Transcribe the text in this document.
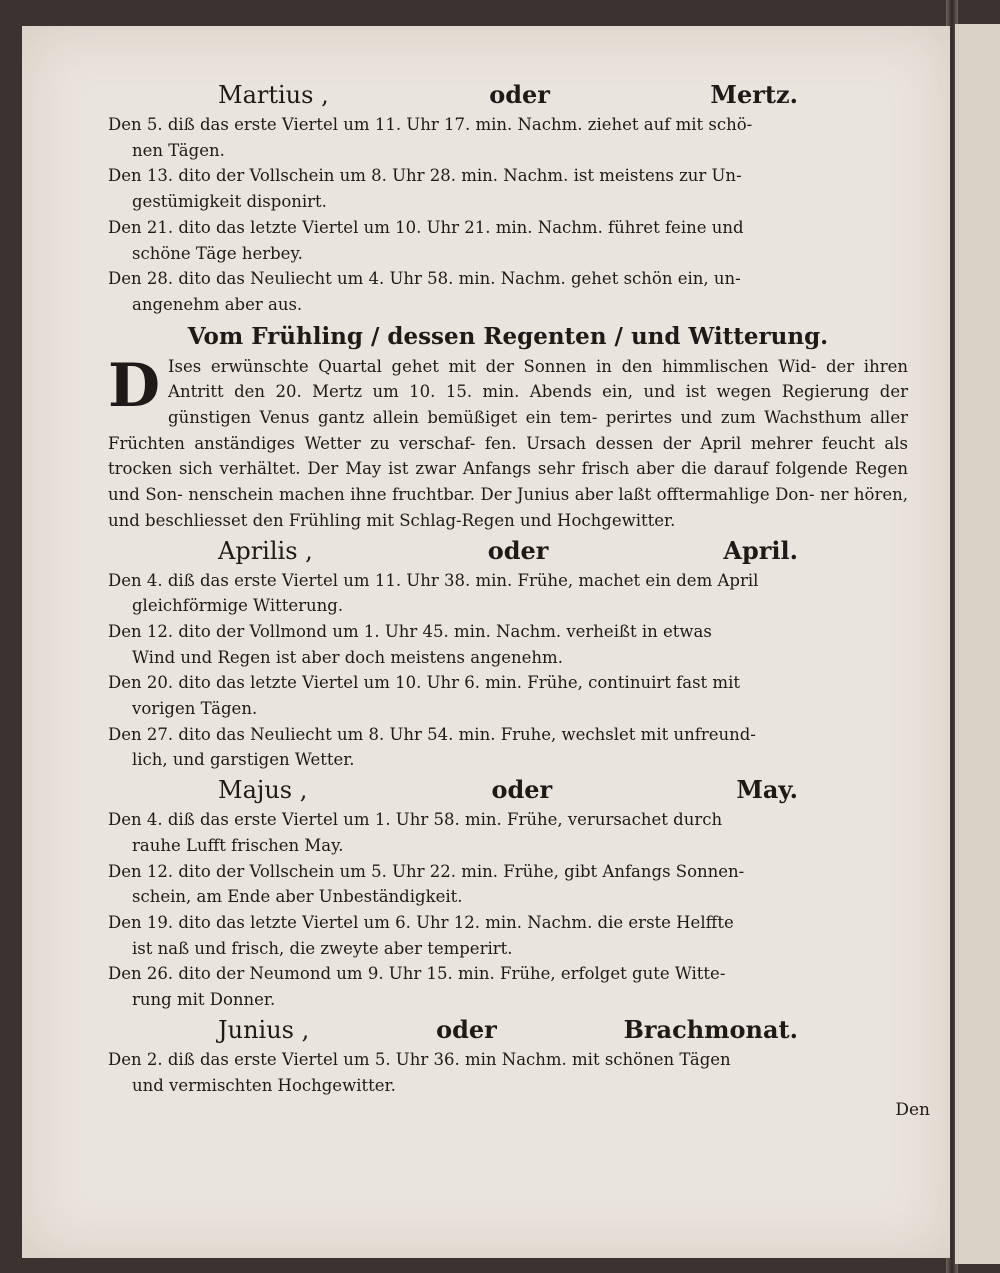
Martius ,	oder	Mertz.

Den 5. diß das erste Viertel um 11. Uhr 17. min. Nachm. ziehet auf mit schö-

nen Tägen.

Den 13. dito der Vollschein um 8. Uhr 28. min. Nachm. ist meistens zur Un-

gestümigkeit disponirt.

Den 21. dito das letzte Viertel um 10. Uhr 21. min. Nachm. führet feine und

schöne Täge herbey.

Den 28. dito das Neuliecht um 4. Uhr 58. min. Nachm. gehet schön ein, un-

angenehm aber aus.

Vom Frühling / dessen Regenten / und Witterung.
D Ises erwünschte Quartal gehet mit der Sonnen in den himmlischen Wid- der ihren Antritt den 20. Mertz um 10. 15. min. Abends ein, und ist wegen Regierung der günstigen Venus gantz allein bemüßiget ein tem- perirtes und zum Wachsthum aller Früchten anständiges Wetter zu verschaf- fen. Ursach dessen der April mehrer feucht als trocken sich verhältet. Der May ist zwar Anfangs sehr frisch aber die darauf folgende Regen und Son- nenschein machen ihne fruchtbar. Der Junius aber laßt offtermahlige Don- ner hören, und beschliesset den Frühling mit Schlag-Regen und Hochgewitter.
Aprilis ,	oder	April.

Den 4. diß das erste Viertel um 11. Uhr 38. min. Frühe, machet ein dem April

gleichförmige Witterung.

Den 12. dito der Vollmond um 1. Uhr 45. min. Nachm. verheißt in etwas

Wind und Regen ist aber doch meistens angenehm.

Den 20. dito das letzte Viertel um 10. Uhr 6. min. Frühe, continuirt fast mit

vorigen Tägen.

Den 27. dito das Neuliecht um 8. Uhr 54. min. Fruhe, wechslet mit unfreund-

lich, und garstigen Wetter.

Majus ,	oder	May.

Den 4. diß das erste Viertel um 1. Uhr 58. min. Frühe, verursachet durch

rauhe Lufft frischen May.

Den 12. dito der Vollschein um 5. Uhr 22. min. Frühe, gibt Anfangs Sonnen-

schein, am Ende aber Unbeständigkeit.

Den 19. dito das letzte Viertel um 6. Uhr 12. min. Nachm. die erste Helffte

ist naß und frisch, die zweyte aber temperirt.

Den 26. dito der Neumond um 9. Uhr 15. min. Frühe, erfolget gute Witte-

rung mit Donner.

Junius ,	oder	Brachmonat.

Den 2. diß das erste Viertel um 5. Uhr 36. min Nachm. mit schönen Tägen

und vermischten Hochgewitter.

Den
